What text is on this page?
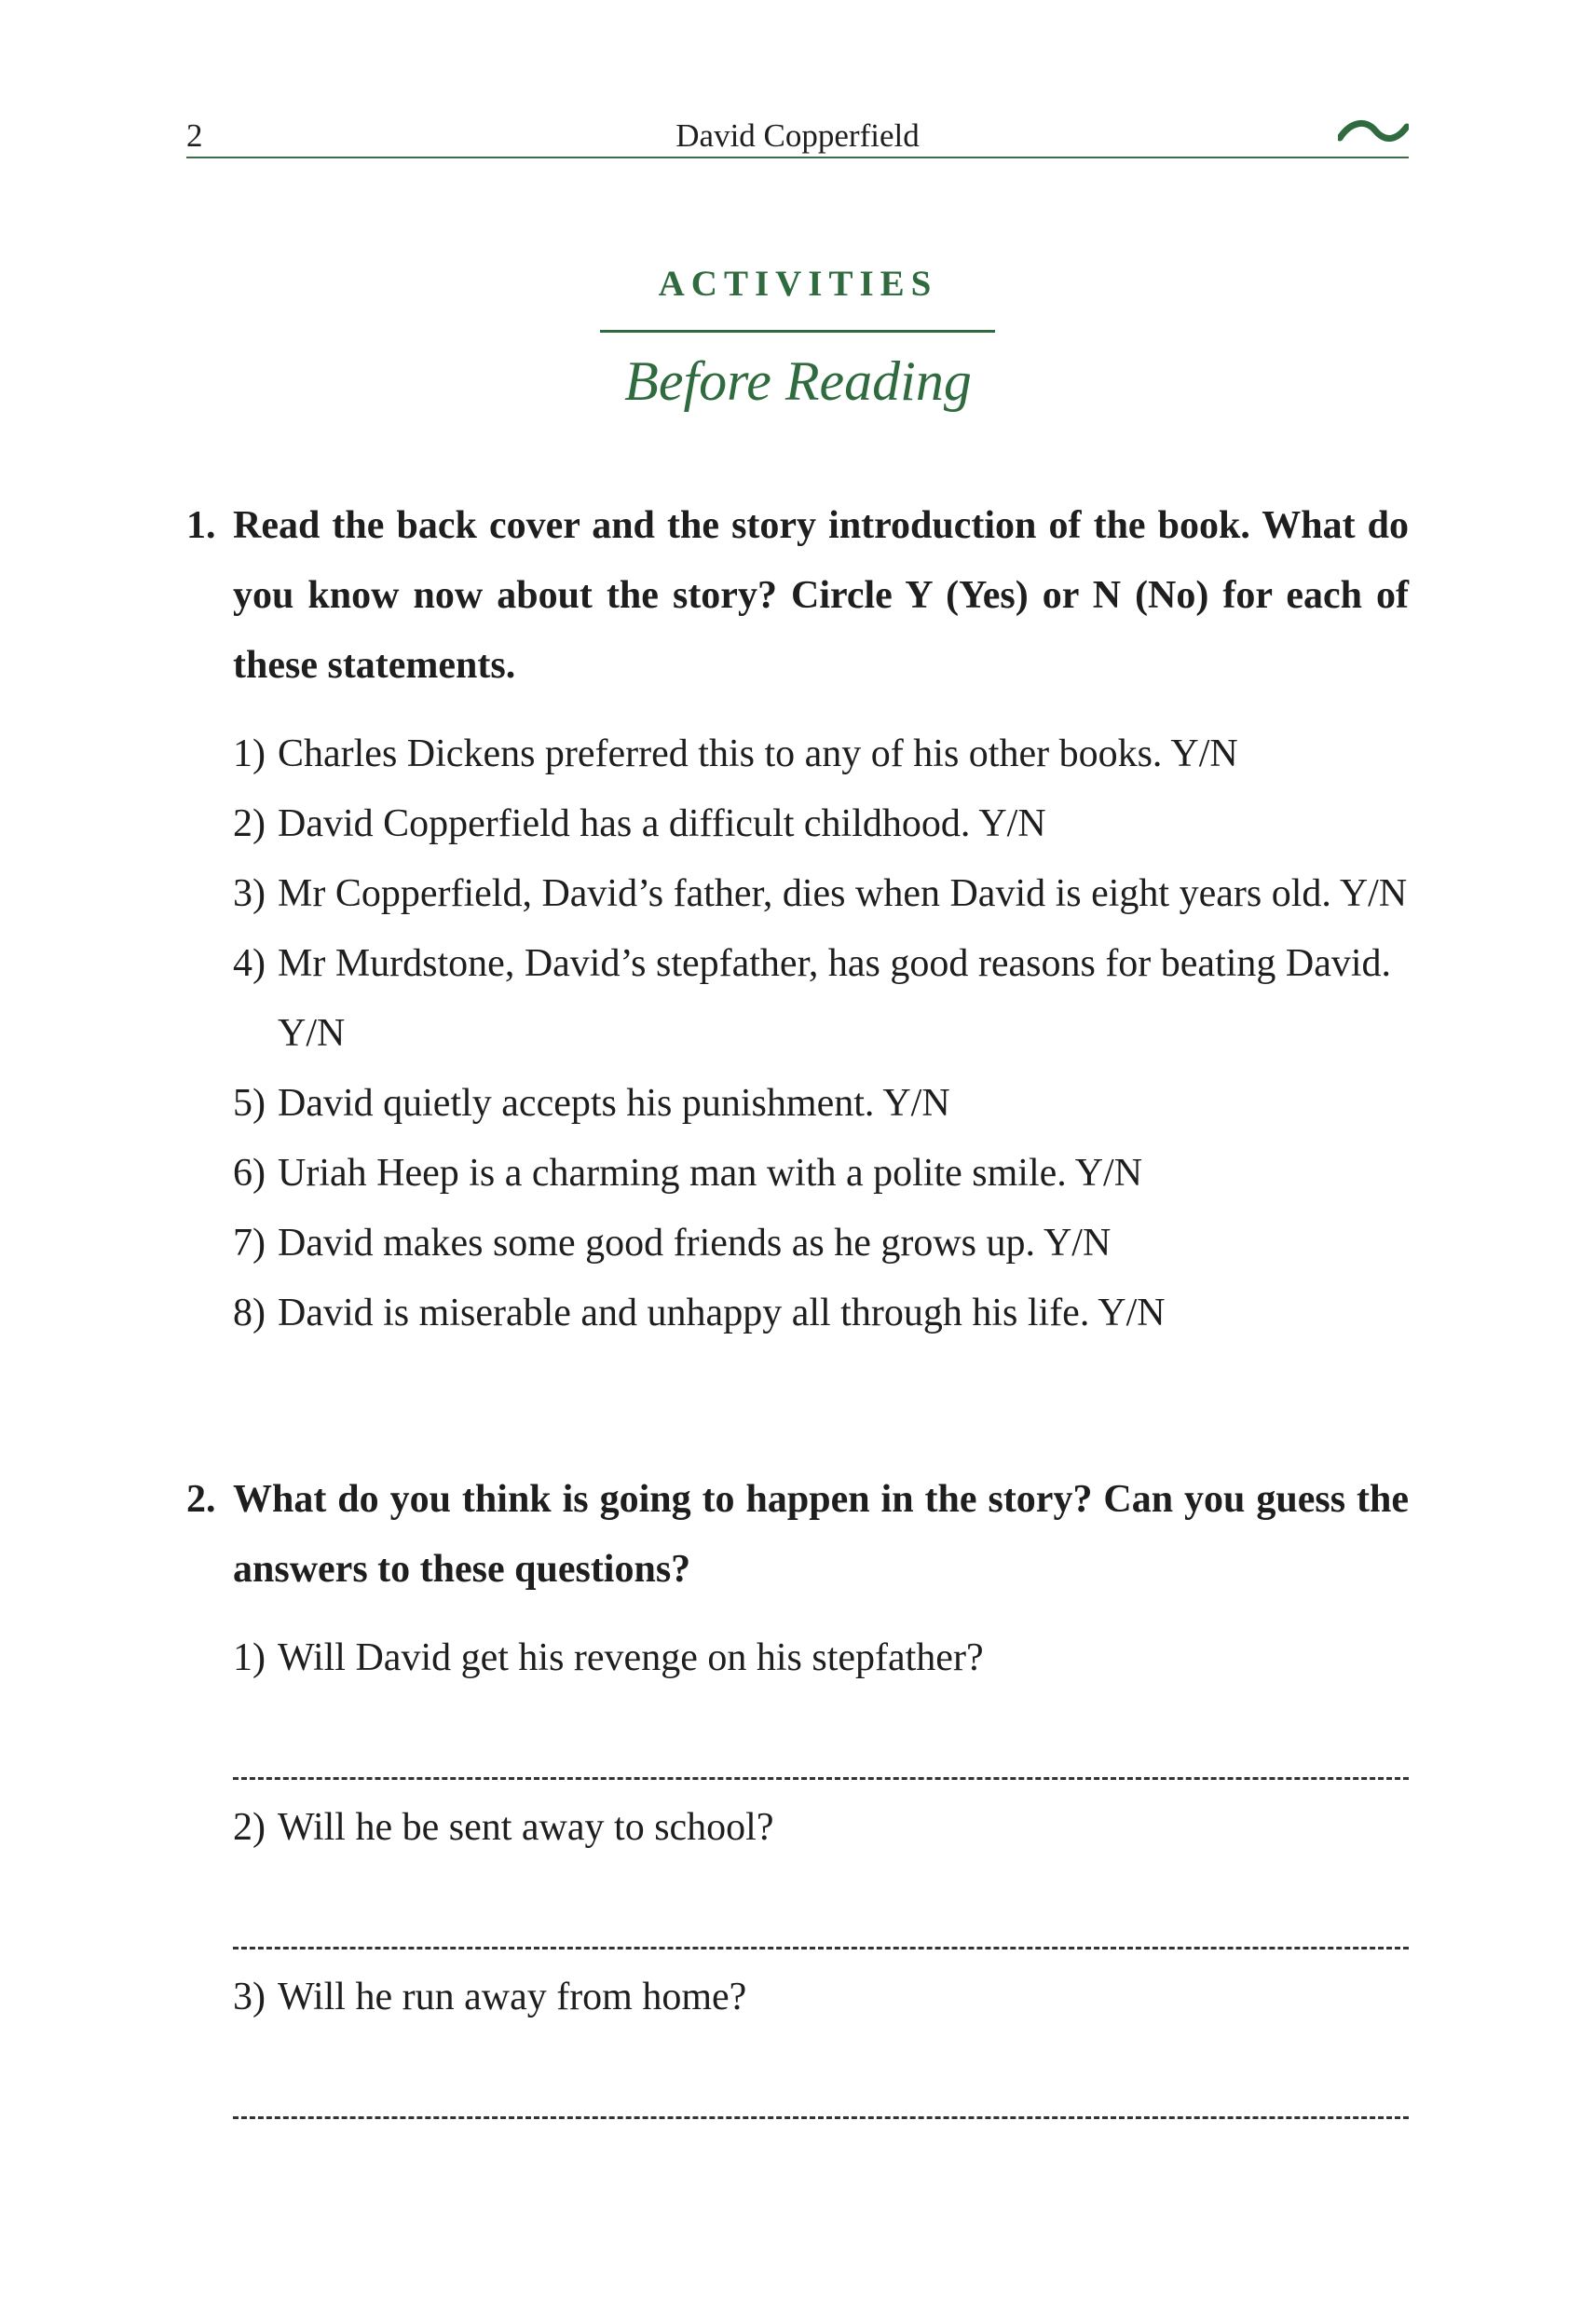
2	David Copperfield
ACTIVITIES
Before Reading
1. Read the back cover and the story introduction of the book. What do you know now about the story? Circle Y (Yes) or N (No) for each of these statements.
1) Charles Dickens preferred this to any of his other books. Y/N
2) David Copperfield has a difficult childhood. Y/N
3) Mr Copperfield, David’s father, dies when David is eight years old. Y/N
4) Mr Murdstone, David’s stepfather, has good reasons for beating David. Y/N
5) David quietly accepts his punishment. Y/N
6) Uriah Heep is a charming man with a polite smile. Y/N
7) David makes some good friends as he grows up. Y/N
8) David is miserable and unhappy all through his life. Y/N
2. What do you think is going to happen in the story? Can you guess the answers to these questions?
1) Will David get his revenge on his stepfather?
2) Will he be sent away to school?
3) Will he run away from home?
